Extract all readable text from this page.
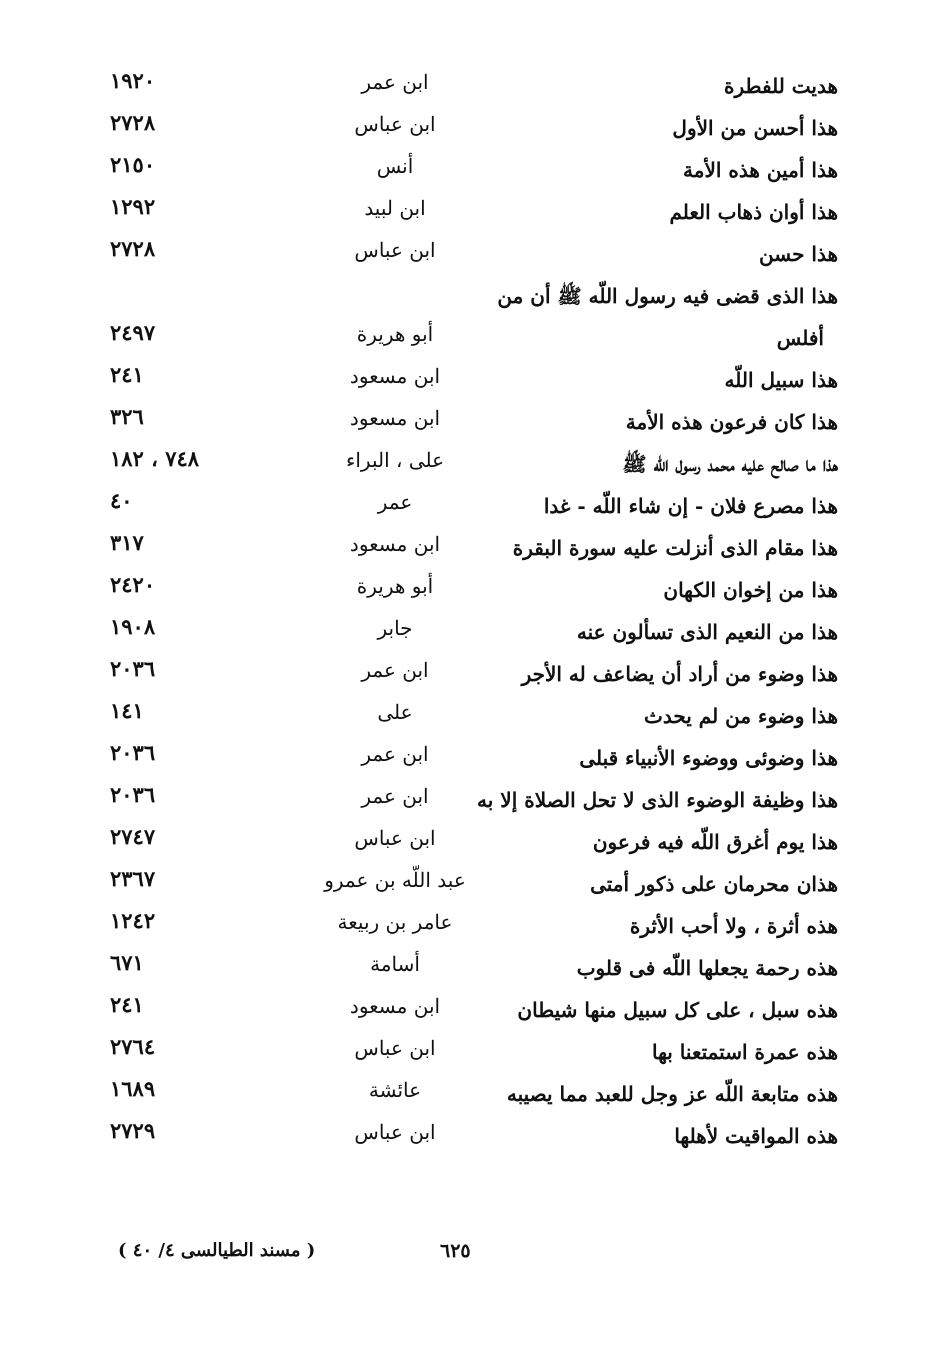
هديت للفطرة
ابن عمر
١٩٢٠
هذا أحسن من الأول
ابن عباس
٢٧٢٨
هذا أمين هذه الأمة
أنس
٢١٥٠
هذا أوان ذهاب العلم
ابن لبيد
١٢٩٢
هذا حسن
ابن عباس
٢٧٢٨
هذا الذى قضى فيه رسول اللّه ﷺ أن من
أفلس
أبو هريرة
٢٤٩٧
هذا سبيل اللّه
ابن مسعود
٢٤١
هذا كان فرعون هذه الأمة
ابن مسعود
٣٢٦
هذا ما صالح عليه محمد رسول اللّه ﷺ
على ، البراء
٧٤٨ ، ١٨٢
هذا مصرع فلان - إن شاء اللّه - غدا
عمر
٤٠
هذا مقام الذى أنزلت عليه سورة البقرة
ابن مسعود
٣١٧
هذا من إخوان الكهان
أبو هريرة
٢٤٢٠
هذا من النعيم الذى تسألون عنه
جابر
١٩٠٨
هذا وضوء من أراد أن يضاعف له الأجر
ابن عمر
٢٠٣٦
هذا وضوء من لم يحدث
على
١٤١
هذا وضوئى ووضوء الأنبياء قبلى
ابن عمر
٢٠٣٦
هذا وظيفة الوضوء الذى لا تحل الصلاة إلا به
ابن عمر
٢٠٣٦
هذا يوم أغرق اللّه فيه فرعون
ابن عباس
٢٧٤٧
هذان محرمان على ذكور أمتى
عبد اللّه بن عمرو
٢٣٦٧
هذه أثرة ، ولا أحب الأثرة
عامر بن ربيعة
١٢٤٢
هذه رحمة يجعلها اللّه فى قلوب
أسامة
٦٧١
هذه سبل ، على كل سبيل منها شيطان
ابن مسعود
٢٤١
هذه عمرة استمتعنا بها
ابن عباس
٢٧٦٤
هذه متابعة اللّه عز وجل للعبد مما يصيبه
عائشة
١٦٨٩
هذه المواقيت لأهلها
ابن عباس
٢٧٢٩
( مسند الطيالسى ٤/ ٤٠ )	٦٢٥
